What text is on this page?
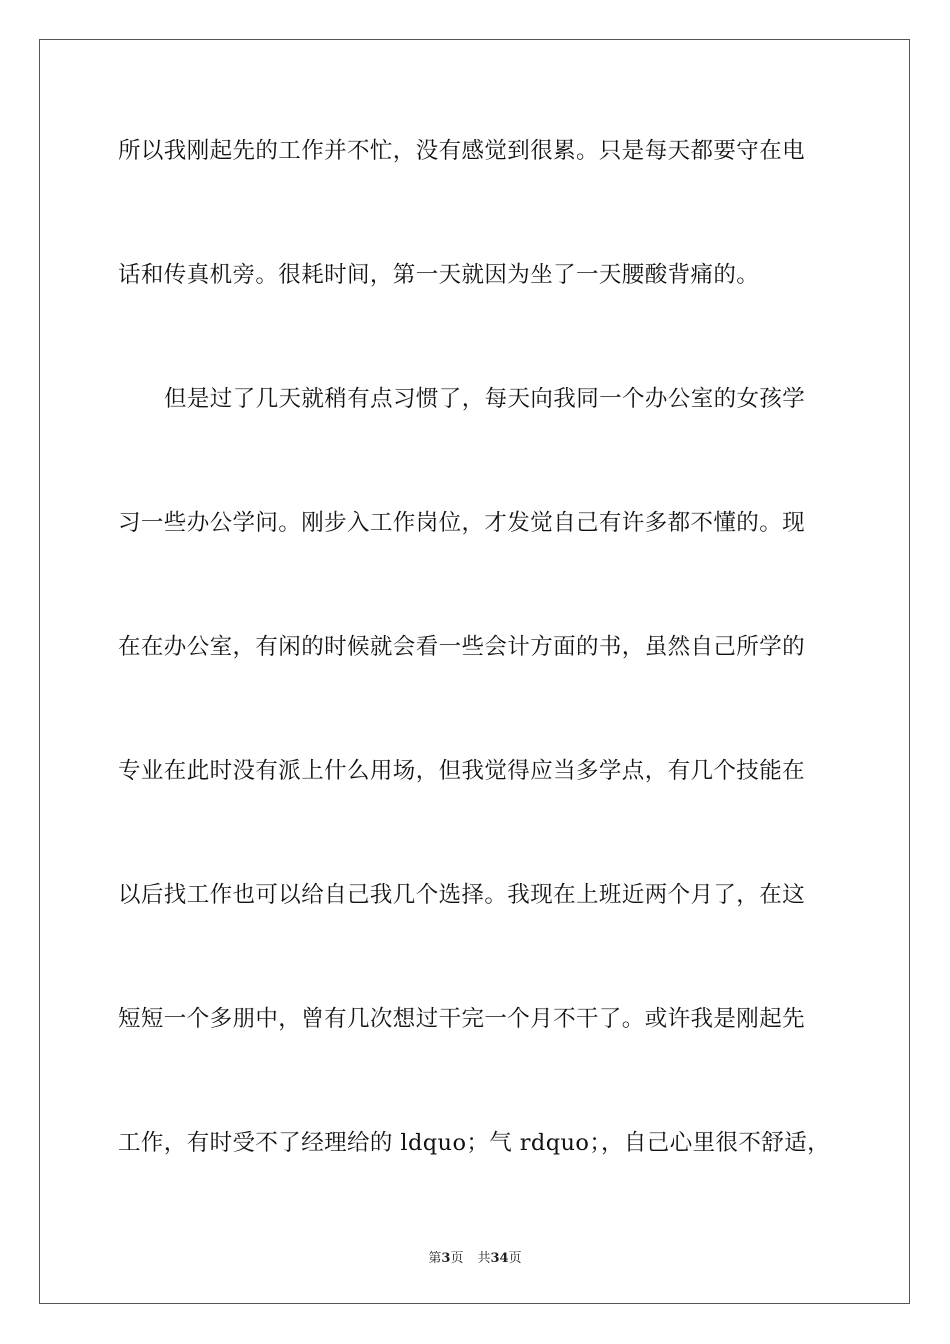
所以我刚起先的工作并不忙，没有感觉到很累。只是每天都要守在电
话和传真机旁。很耗时间，第一天就因为坐了一天腰酸背痛的。
但是过了几天就稍有点习惯了，每天向我同一个办公室的女孩学
习一些办公学问。刚步入工作岗位，才发觉自己有许多都不懂的。现
在在办公室，有闲的时候就会看一些会计方面的书，虽然自己所学的
专业在此时没有派上什么用场，但我觉得应当多学点，有几个技能在
以后找工作也可以给自己我几个选择。我现在上班近两个月了，在这
短短一个多朋中，曾有几次想过干完一个月不干了。或许我是刚起先
工作，有时受不了经理给的 ldquo；气 rdquo；，自己心里很不舒适，
第3页 共34页
